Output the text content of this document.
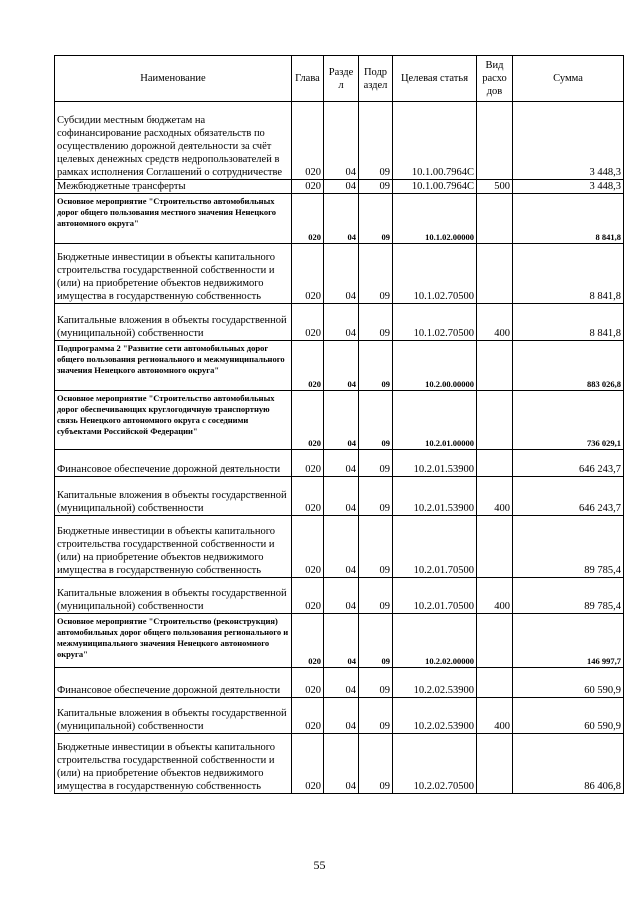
Наименование	Глава	Разде л	Подр аздел	Целевая статья	Вид расхо дов	Сумма
Субсидии местным бюджетам на софинансирование расходных обязательств по осуществлению дорожной деятельности за счёт целевых денежных средств недропользователей в рамках исполнения Соглашений о сотрудничестве	020	04	09	10.1.00.7964С		3 448,3
Межбюджетные трансферты	020	04	09	10.1.00.7964С	500	3 448,3
Основное мероприятие "Строительство автомобильных дорог общего пользования местного значения Ненецкого автономного округа"	020	04	09	10.1.02.00000		8 841,8
Бюджетные инвестиции в объекты капитального строительства государственной собственности и (или) на приобретение объектов недвижимого имущества в государственную собственность	020	04	09	10.1.02.70500		8 841,8
Капитальные вложения в объекты государственной (муниципальной) собственности	020	04	09	10.1.02.70500	400	8 841,8
Подпрограмма 2 "Развитие сети автомобильных дорог общего пользования регионального и межмуниципального значения Ненецкого автономного округа"	020	04	09	10.2.00.00000		883 026,8
Основное мероприятие "Строительство автомобильных дорог обеспечивающих круглогодичную транспортную связь Ненецкого автономного округа с соседними субъектами Российской Федерации"	020	04	09	10.2.01.00000		736 029,1
Финансовое обеспечение дорожной деятельности	020	04	09	10.2.01.53900		646 243,7
Капитальные вложения в объекты государственной (муниципальной) собственности	020	04	09	10.2.01.53900	400	646 243,7
Бюджетные инвестиции в объекты капитального строительства государственной собственности и (или) на приобретение объектов недвижимого имущества в государственную собственность	020	04	09	10.2.01.70500		89 785,4
Капитальные вложения в объекты государственной (муниципальной) собственности	020	04	09	10.2.01.70500	400	89 785,4
Основное мероприятие "Строительство (реконструкция) автомобильных дорог общего пользования регионального и межмуниципального значения Ненецкого автономного округа"	020	04	09	10.2.02.00000		146 997,7
Финансовое обеспечение дорожной деятельности	020	04	09	10.2.02.53900		60 590,9
Капитальные вложения в объекты государственной (муниципальной) собственности	020	04	09	10.2.02.53900	400	60 590,9
Бюджетные инвестиции в объекты капитального строительства государственной собственности и (или) на приобретение объектов недвижимого имущества в государственную собственность	020	04	09	10.2.02.70500		86 406,8
55
